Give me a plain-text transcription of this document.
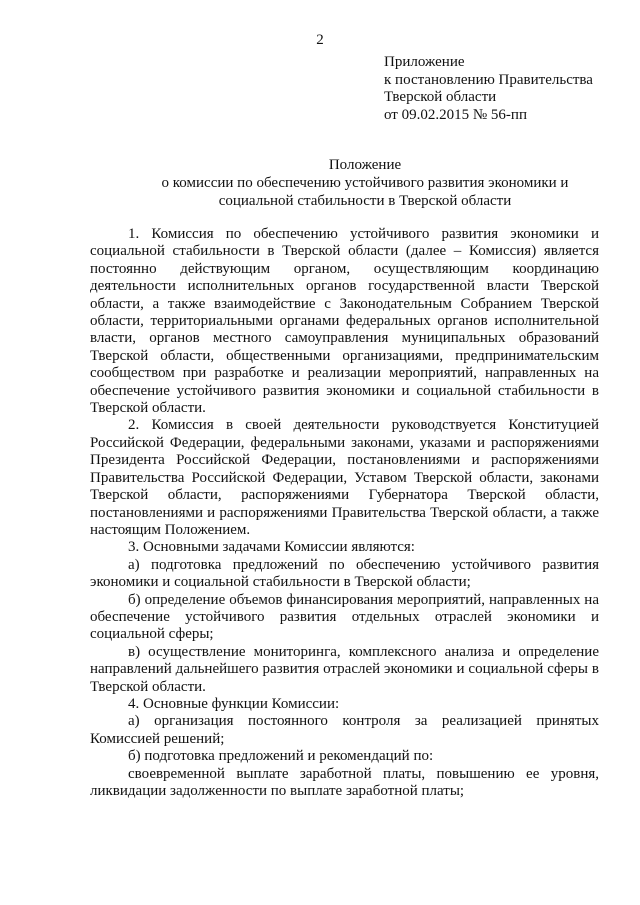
2
Приложение
к постановлению Правительства
Тверской области
от 09.02.2015 № 56-пп
Положение
о комиссии по обеспечению устойчивого развития экономики и
социальной стабильности в Тверской области

1. Комиссия по обеспечению устойчивого развития экономики и социальной стабильности в Тверской области (далее – Комиссия) является постоянно действующим органом, осуществляющим координацию деятельности исполнительных органов государственной власти Тверской области, а также взаимодействие с Законодательным Собранием Тверской области, территориальными органами федеральных органов исполнительной власти, органов местного самоуправления муниципальных образований Тверской области, общественными организациями, предпринимательским сообществом при разработке и реализации мероприятий, направленных на обеспечение устойчивого развития экономики и социальной стабильности в Тверской области.

2. Комиссия в своей деятельности руководствуется Конституцией Российской Федерации, федеральными законами, указами и распоряжениями Президента Российской Федерации, постановлениями и распоряжениями Правительства Российской Федерации, Уставом Тверской области, законами Тверской области, распоряжениями Губернатора Тверской области, постановлениями и распоряжениями Правительства Тверской области, а также настоящим Положением.

3. Основными задачами Комиссии являются:

а) подготовка предложений по обеспечению устойчивого развития экономики и социальной стабильности в Тверской области;

б) определение объемов финансирования мероприятий, направленных на обеспечение устойчивого развития отдельных отраслей экономики и социальной сферы;

в) осуществление мониторинга, комплексного анализа и определение направлений дальнейшего развития отраслей экономики и социальной сферы в Тверской области.

4. Основные функции Комиссии:

а) организация постоянного контроля за реализацией принятых Комиссией решений;

б) подготовка предложений и рекомендаций по:

своевременной выплате заработной платы, повышению ее уровня, ликвидации задолженности по выплате заработной платы;
